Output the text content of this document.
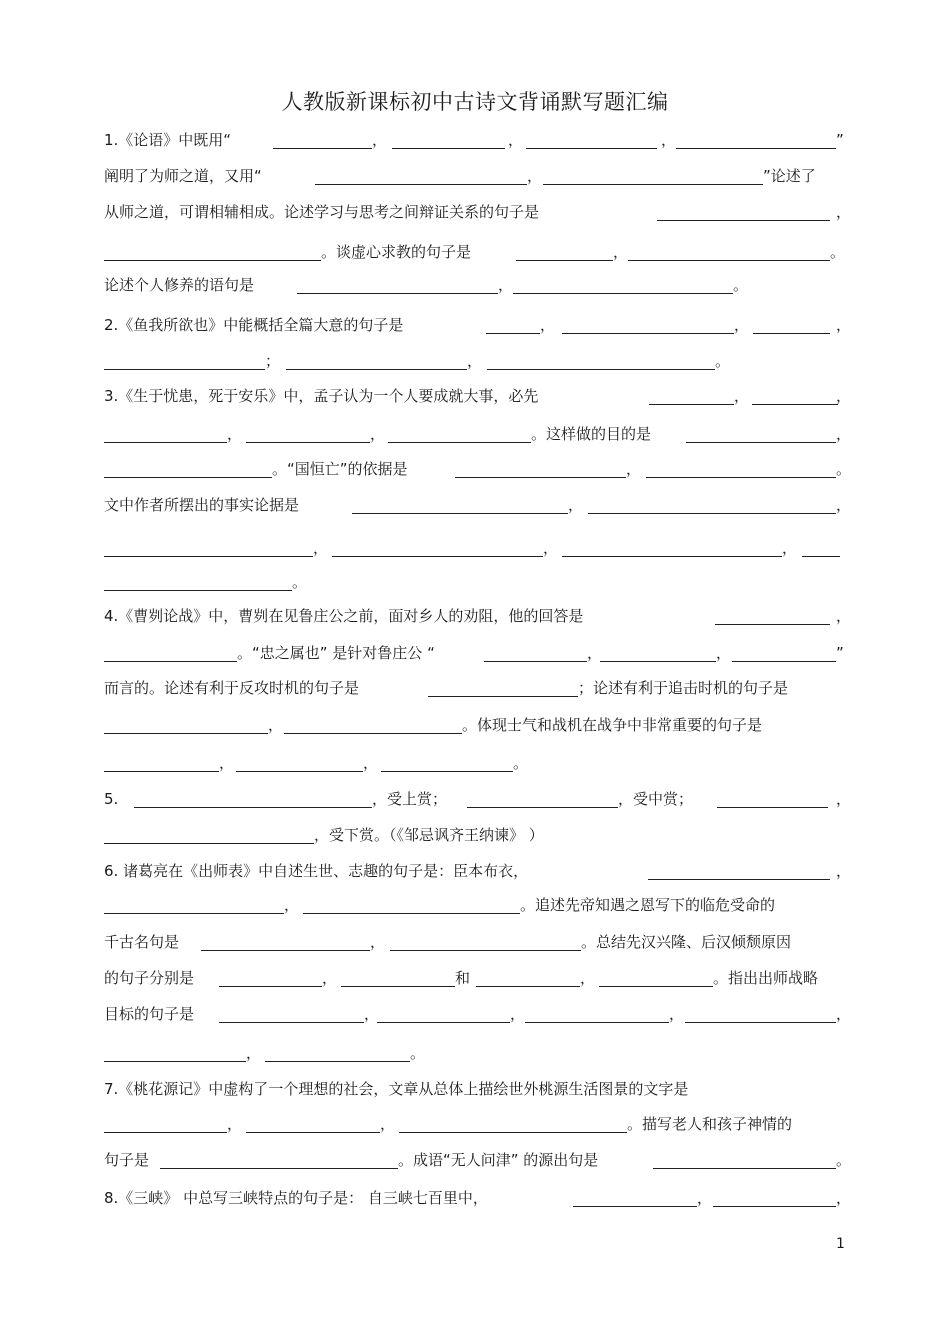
人教版新课标初中古诗文背诵默写题汇编
1.《论语》中既用“	，	，	，	”
阐明了为师之道，又用“	，	”论述了
从师之道，可谓相辅相成。论述学习与思考之间辩证关系的句子是	，
。谈虚心求教的句子是	，	。
论述个人修养的语句是	，	。
2.《鱼我所欲也》中能概括全篇大意的句子是	，	，	，
；	，	。
3.《生于忧患，死于安乐》中，孟子认为一个人要成就大事，必先	，	，
，	，	。这样做的目的是	，
。“国恒亡”的依据是	，	。
文中作者所摆出的事实论据是	，	，
，	，	，
。
4.《曹刿论战》中，曹刿在见鲁庄公之前，面对乡人的劝阻，他的回答是	，
。“忠之属也” 是针对鲁庄公 “	，	，	”
而言的。论述有利于反攻时机的句子是	；论述有利于追击时机的句子是
，	。体现士气和战机在战争中非常重要的句子是
，	，	。
5.	，受上赏；	，受中赏；	，
，受下赏。（《邹忌讽齐王纳谏》 ）
6. 诸葛亮在《出师表》中自述生世、志趣的句子是：臣本布衣，	，
，	。追述先帝知遇之恩写下的临危受命的
千古名句是	，	。总结先汉兴隆、后汉倾颓原因
的句子分别是	，	和	，	。指出出师战略
目标的句子是	，	，	，	，
，	。
7.《桃花源记》中虚构了一个理想的社会，文章从总体上描绘世外桃源生活图景的文字是
，	，	。描写老人和孩子神情的
句子是	。成语“无人问津” 的源出句是	。
8.《三峡》 中总写三峡特点的句子是： 自三峡七百里中，	，	，
1
